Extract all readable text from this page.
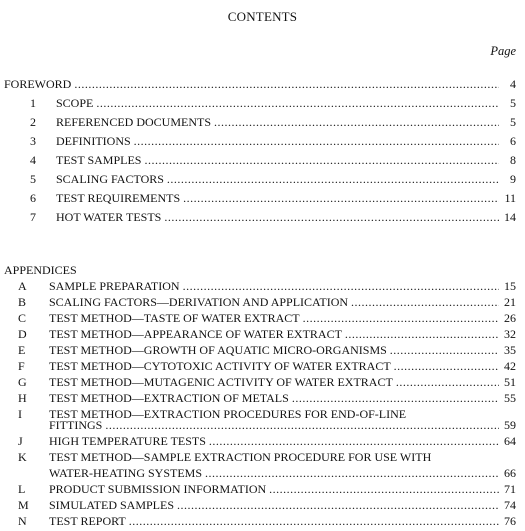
CONTENTS
Page
FOREWORD .....	4
1	SCOPE .....	5
2	REFERENCED DOCUMENTS .....	5
3	DEFINITIONS .....	6
4	TEST SAMPLES .....	8
5	SCALING FACTORS .....	9
6	TEST REQUIREMENTS .....	11
7	HOT WATER TESTS .....	14
APPENDICES
A	SAMPLE PREPARATION .....	15
B	SCALING FACTORS—DERIVATION AND APPLICATION .....	21
C	TEST METHOD—TASTE OF WATER EXTRACT .....	26
D	TEST METHOD—APPEARANCE OF WATER EXTRACT .....	32
E	TEST METHOD—GROWTH OF AQUATIC MICRO-ORGANISMS .....	35
F	TEST METHOD—CYTOTOXIC ACTIVITY OF WATER EXTRACT .....	42
G	TEST METHOD—MUTAGENIC ACTIVITY OF WATER EXTRACT .....	51
H	TEST METHOD—EXTRACTION OF METALS .....	55
I	TEST METHOD—EXTRACTION PROCEDURES FOR END-OF-LINE
FITTINGS .....	59
J	HIGH TEMPERATURE TESTS .....	64
K	TEST METHOD—SAMPLE EXTRACTION PROCEDURE FOR USE WITH
WATER-HEATING SYSTEMS .....	66
L	PRODUCT SUBMISSION INFORMATION .....	71
M	SIMULATED SAMPLES .....	74
N	TEST REPORT .....	76
